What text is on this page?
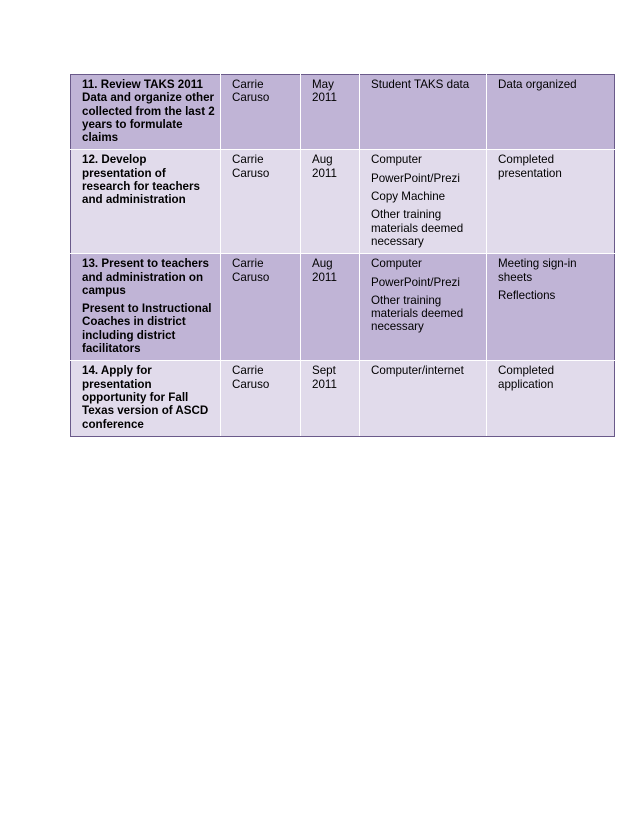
11. Review TAKS 2011 Data and organize other collected from the last 2 years to formulate claims	Carrie Caruso	May 2011	Student TAKS data	Data organized

12. Develop presentation of research for teachers and administration	Carrie Caruso	Aug 2011	Computer
PowerPoint/Prezi
Copy Machine
Other training materials deemed necessary	Completed presentation

13. Present to teachers and administration on campus
Present to Instructional Coaches in district including district facilitators	Carrie Caruso	Aug 2011	Computer
PowerPoint/Prezi
Other training materials deemed necessary	Meeting sign-in sheets
Reflections

14. Apply for presentation opportunity for Fall Texas version of ASCD conference	Carrie Caruso	Sept 2011	Computer/internet	Completed application
